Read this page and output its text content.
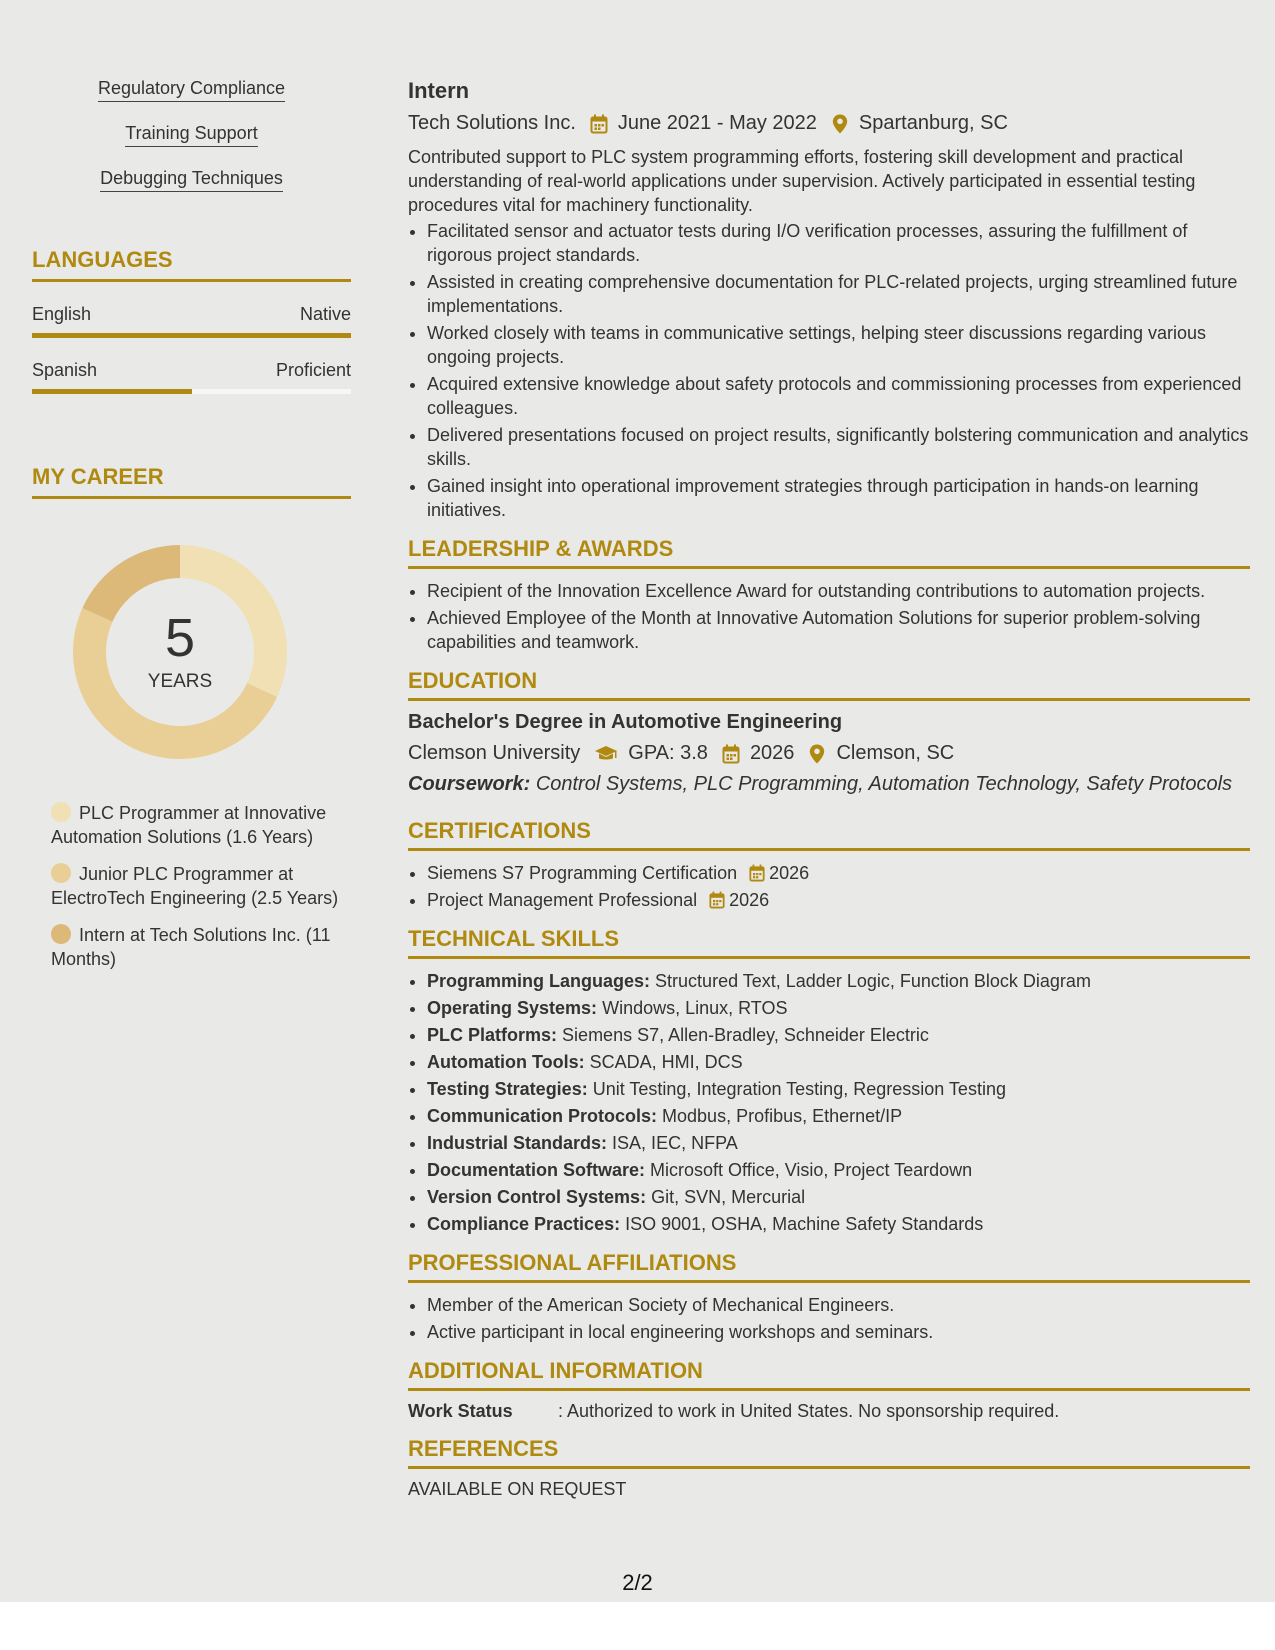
Regulatory Compliance
Training Support
Debugging Techniques
LANGUAGES
English	Native
Spanish	Proficient
MY CAREER
5
YEARS
PLC Programmer at Innovative Automation Solutions (1.6 Years)
Junior PLC Programmer at ElectroTech Engineering (2.5 Years)
Intern at Tech Solutions Inc. (11 Months)
Intern
Tech Solutions Inc. June 2021 - May 2022 Spartanburg, SC
Contributed support to PLC system programming efforts, fostering skill development and practical understanding of real-world applications under supervision. Actively participated in essential testing procedures vital for machinery functionality.
• Facilitated sensor and actuator tests during I/O verification processes, assuring the fulfillment of rigorous project standards.
• Assisted in creating comprehensive documentation for PLC-related projects, urging streamlined future implementations.
• Worked closely with teams in communicative settings, helping steer discussions regarding various ongoing projects.
• Acquired extensive knowledge about safety protocols and commissioning processes from experienced colleagues.
• Delivered presentations focused on project results, significantly bolstering communication and analytics skills.
• Gained insight into operational improvement strategies through participation in hands-on learning initiatives.
LEADERSHIP & AWARDS
• Recipient of the Innovation Excellence Award for outstanding contributions to automation projects.
• Achieved Employee of the Month at Innovative Automation Solutions for superior problem-solving capabilities and teamwork.
EDUCATION
Bachelor's Degree in Automotive Engineering
Clemson University GPA: 3.8 2026 Clemson, SC
Coursework: Control Systems, PLC Programming, Automation Technology, Safety Protocols
CERTIFICATIONS
• Siemens S7 Programming Certification 2026
• Project Management Professional 2026
TECHNICAL SKILLS
• Programming Languages: Structured Text, Ladder Logic, Function Block Diagram
• Operating Systems: Windows, Linux, RTOS
• PLC Platforms: Siemens S7, Allen-Bradley, Schneider Electric
• Automation Tools: SCADA, HMI, DCS
• Testing Strategies: Unit Testing, Integration Testing, Regression Testing
• Communication Protocols: Modbus, Profibus, Ethernet/IP
• Industrial Standards: ISA, IEC, NFPA
• Documentation Software: Microsoft Office, Visio, Project Teardown
• Version Control Systems: Git, SVN, Mercurial
• Compliance Practices: ISO 9001, OSHA, Machine Safety Standards
PROFESSIONAL AFFILIATIONS
• Member of the American Society of Mechanical Engineers.
• Active participant in local engineering workshops and seminars.
ADDITIONAL INFORMATION
Work Status	: Authorized to work in United States. No sponsorship required.
REFERENCES
AVAILABLE ON REQUEST
2/2
